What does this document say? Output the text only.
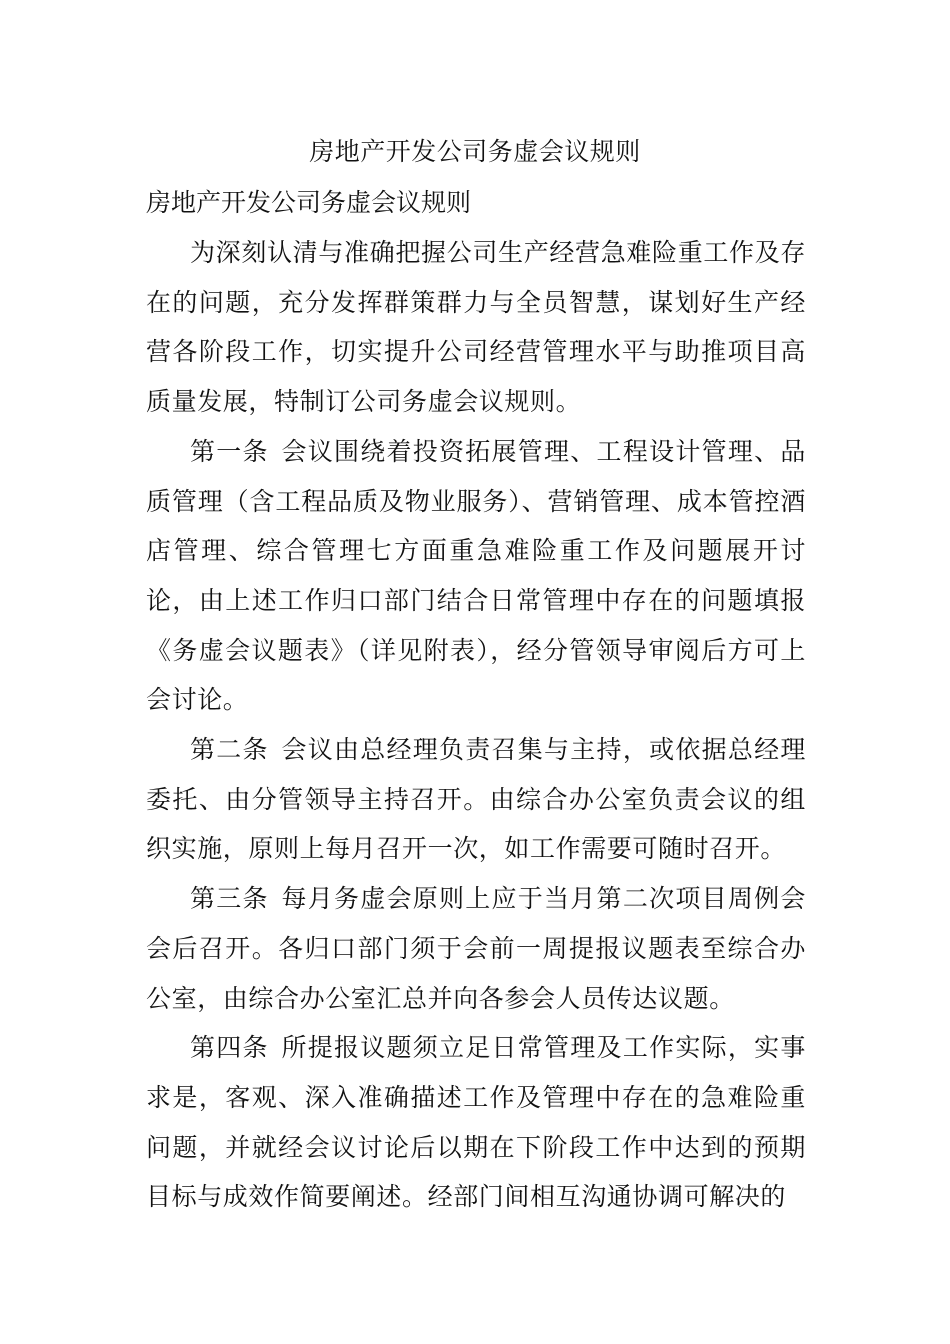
房地产开发公司务虚会议规则
房地产开发公司务虚会议规则

为深刻认清与准确把握公司生产经营急难险重工作及存在的问题，充分发挥群策群力与全员智慧，谋划好生产经营各阶段工作，切实提升公司经营管理水平与助推项目高质量发展，特制订公司务虚会议规则。

第一条 会议围绕着投资拓展管理、工程设计管理、品质管理（含工程品质及物业服务）、营销管理、成本管控酒店管理、综合管理七方面重急难险重工作及问题展开讨论，由上述工作归口部门结合日常管理中存在的问题填报《务虚会议题表》（详见附表），经分管领导审阅后方可上会讨论。

第二条 会议由总经理负责召集与主持，或依据总经理委托、由分管领导主持召开。由综合办公室负责会议的组织实施，原则上每月召开一次，如工作需要可随时召开。

第三条 每月务虚会原则上应于当月第二次项目周例会会后召开。各归口部门须于会前一周提报议题表至综合办公室，由综合办公室汇总并向各参会人员传达议题。

第四条 所提报议题须立足日常管理及工作实际，实事求是，客观、深入准确描述工作及管理中存在的急难险重问题，并就经会议讨论后以期在下阶段工作中达到的预期目标与成效作简要阐述。经部门间相互沟通协调可解决的
